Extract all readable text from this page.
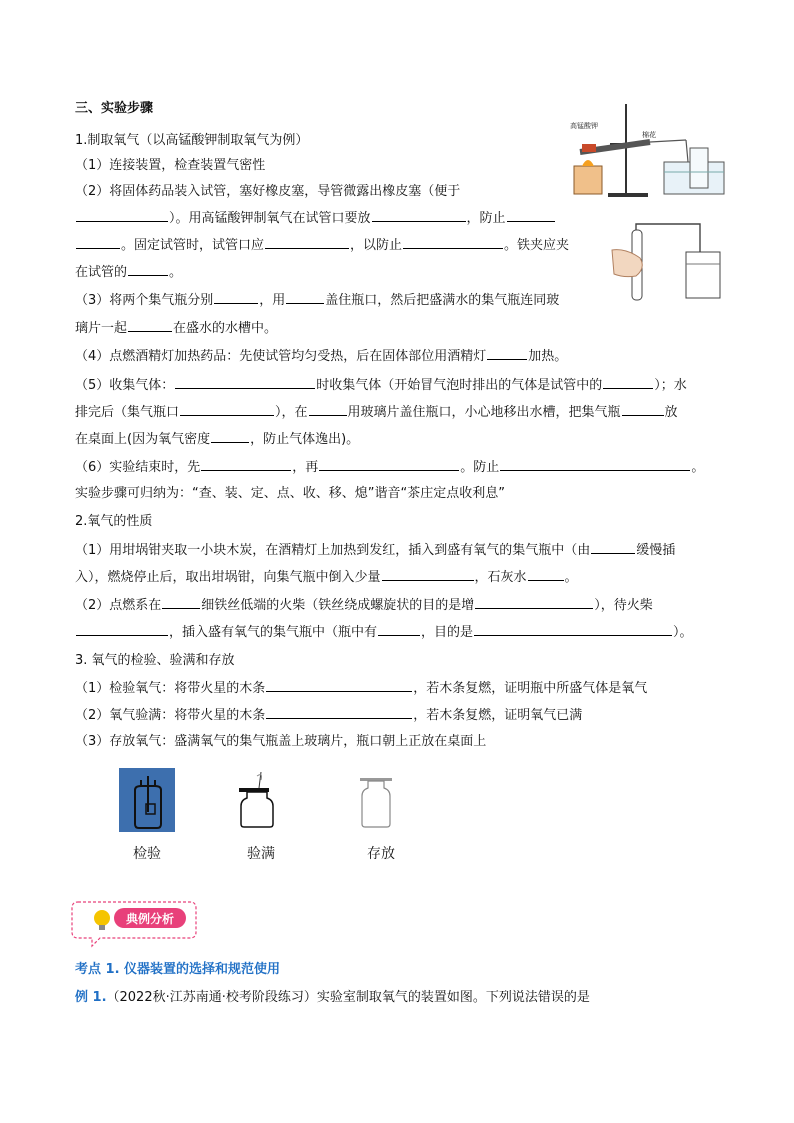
三、实验步骤
1.制取氧气（以高锰酸钾制取氧气为例）
（1）连接装置，检查装置气密性
（2）将固体药品装入试管，塞好橡皮塞，导管微露出橡皮塞（便于
）。用高锰酸钾制氧气在试管口要放	，防止
。固定试管时，试管口应	，以防止	。铁夹应夹
在试管的	。
（3）将两个集气瓶分别	，用	盖住瓶口，然后把盛满水的集气瓶连同玻
璃片一起	在盛水的水槽中。
（4）点燃酒精灯加热药品：先使试管均匀受热，后在固体部位用酒精灯	加热。
（5）收集气体：	时收集气体（开始冒气泡时排出的气体是试管中的	）；水
排完后（集气瓶口	），在	用玻璃片盖住瓶口，小心地移出水槽，把集气瓶	放
在桌面上(因为氧气密度	，防止气体逸出)。
（6）实验结束时，先	，再	。防止	。
实验步骤可归纳为：“查、装、定、点、收、移、熄”谐音“茶庄定点收利息”
高锰酸钾
棉花
2.氧气的性质
（1）用坩埚钳夹取一小块木炭，在酒精灯上加热到发红，插入到盛有氧气的集气瓶中（由	缓慢插
入），燃烧停止后，取出坩埚钳，向集气瓶中倒入少量	，石灰水	。
（2）点燃系在	细铁丝低端的火柴（铁丝绕成螺旋状的目的是增	），待火柴
，插入盛有氧气的集气瓶中（瓶中有	，目的是	）。
3. 氧气的检验、验满和存放
（1）检验氧气：将带火星的木条	，若木条复燃，证明瓶中所盛气体是氧气
（2）氧气验满：将带火星的木条	，若木条复燃，证明氧气已满
（3）存放氧气：盛满氧气的集气瓶盖上玻璃片，瓶口朝上正放在桌面上
检验	验满	存放
典例分析
考点 1. 仪器装置的选择和规范使用
例 1.（2022秋·江苏南通·校考阶段练习）实验室制取氧气的装置如图。下列说法错误的是
